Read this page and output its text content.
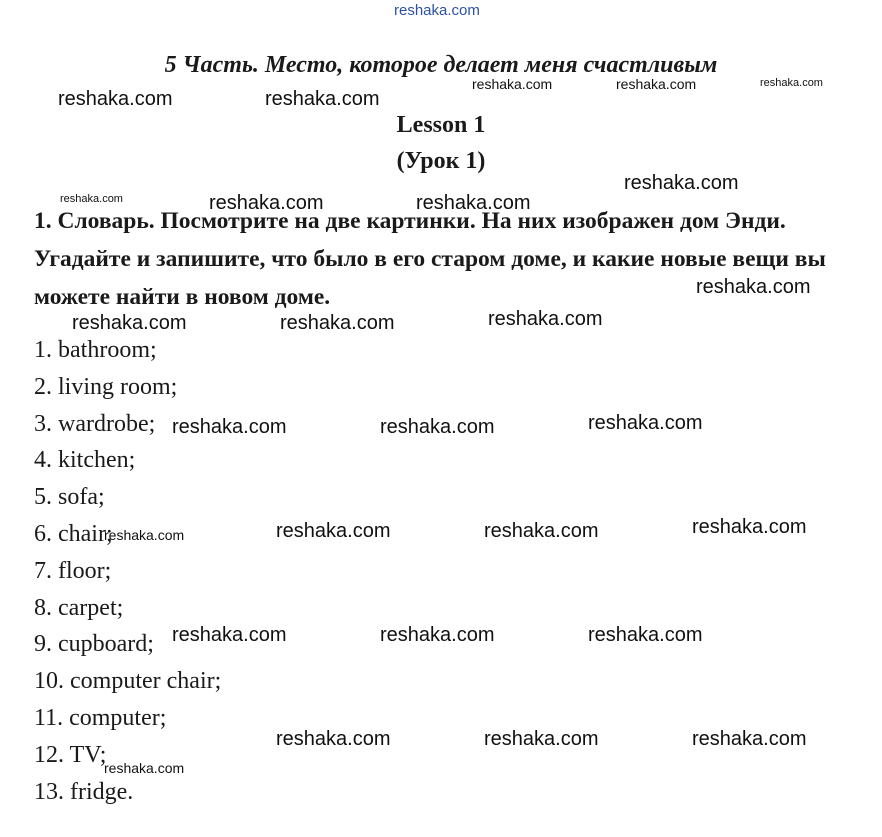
reshaka.com
5 Часть. Место, которое делает меня счастливым
Lesson 1
(Урок 1)
1. Словарь. Посмотрите на две картинки. На них изображен дом Энди. Угадайте и запишите, что было в его старом доме, и какие новые вещи вы можете найти в новом доме.
1. bathroom;
2. living room;
3. wardrobe;
4. kitchen;
5. sofa;
6. chair;
7. floor;
8. carpet;
9. cupboard;
10. computer chair;
11. computer;
12. TV;
13. fridge.
reshaka.com	reshaka.com	reshaka.com
reshaka.com	reshaka.com
reshaka.com
reshaka.com	reshaka.com	reshaka.com
reshaka.com
reshaka.com	reshaka.com	reshaka.com
reshaka.com	reshaka.com	reshaka.com
reshaka.com	reshaka.com	reshaka.com	reshaka.com
reshaka.com	reshaka.com	reshaka.com
reshaka.com	reshaka.com	reshaka.com
reshaka.com
